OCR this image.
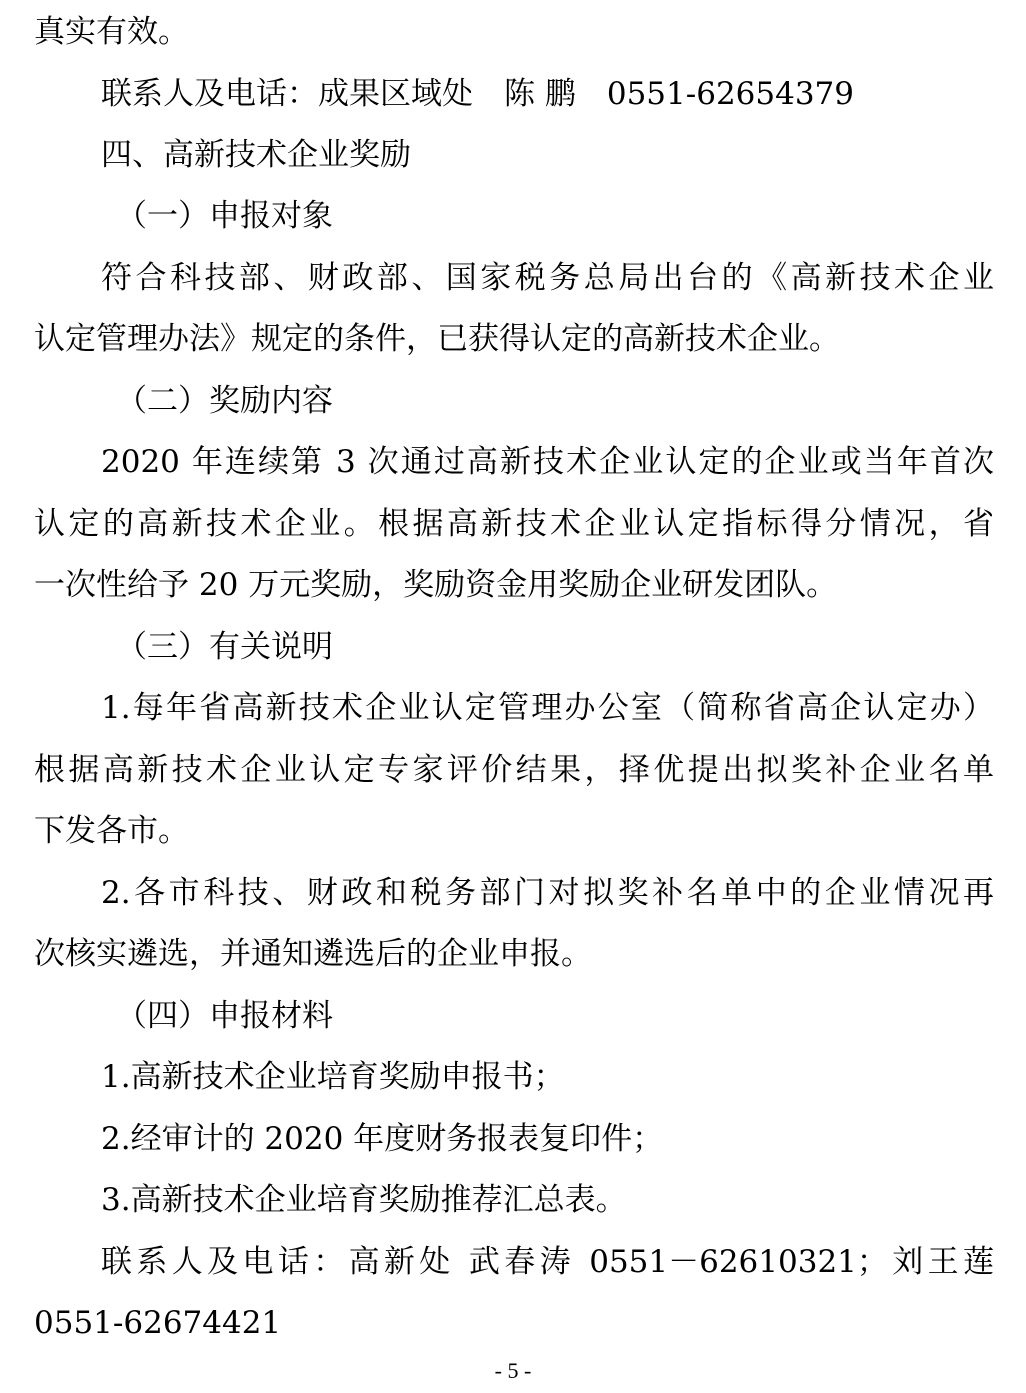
真实有效。
联系人及电话：成果区域处　陈 鹏　0551-62654379
四、高新技术企业奖励
（一）申报对象
符合科技部、财政部、国家税务总局出台的《高新技术企业
认定管理办法》规定的条件，已获得认定的高新技术企业。
（二）奖励内容
2020 年连续第 3 次通过高新技术企业认定的企业或当年首次
认定的高新技术企业。根据高新技术企业认定指标得分情况，省
一次性给予 20 万元奖励，奖励资金用奖励企业研发团队。
（三）有关说明
1.每年省高新技术企业认定管理办公室（简称省高企认定办）
根据高新技术企业认定专家评价结果，择优提出拟奖补企业名单
下发各市。
2.各市科技、财政和税务部门对拟奖补名单中的企业情况再
次核实遴选，并通知遴选后的企业申报。
（四）申报材料
1.高新技术企业培育奖励申报书；
2.经审计的 2020 年度财务报表复印件；
3.高新技术企业培育奖励推荐汇总表。
联系人及电话：高新处 武春涛 0551－62610321；刘王莲
0551-62674421
- 5 -
